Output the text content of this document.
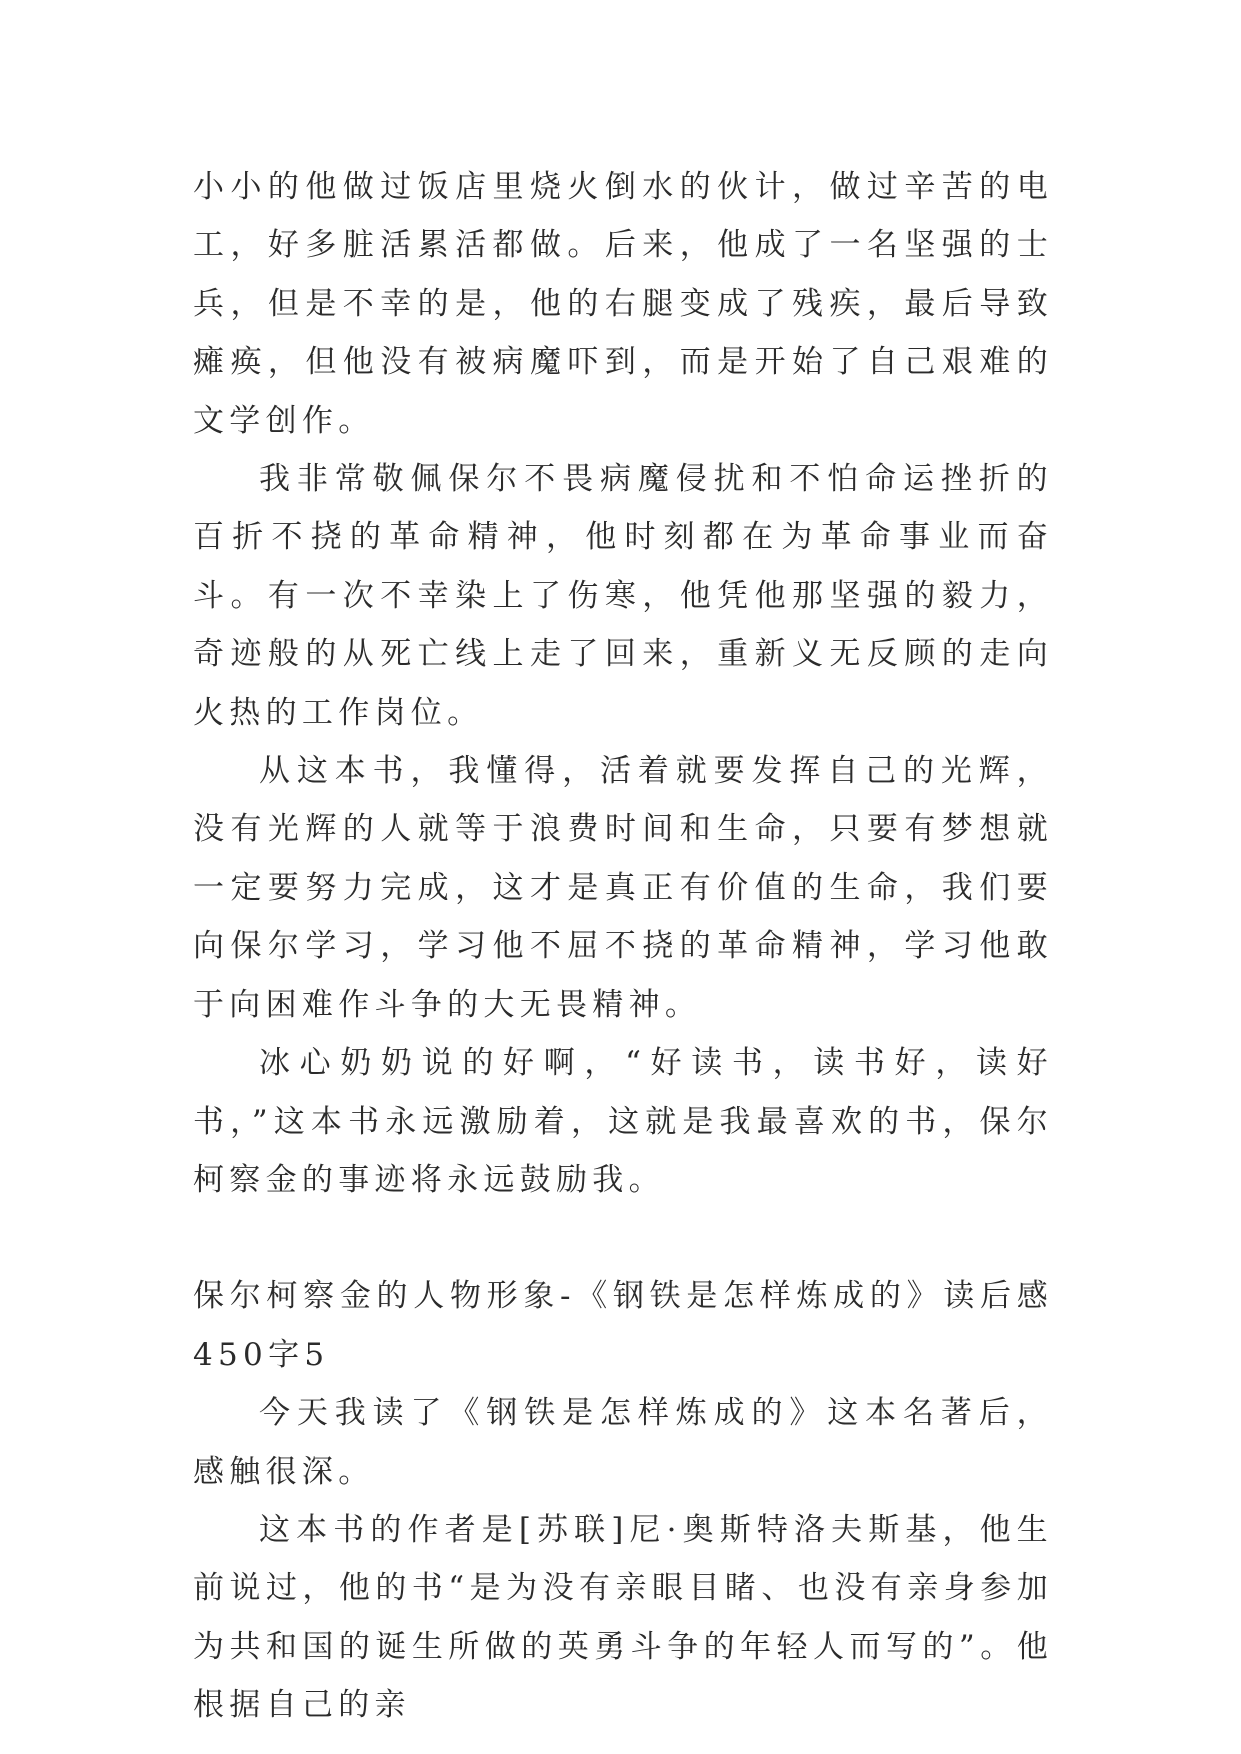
小小的他做过饭店里烧火倒水的伙计，做过辛苦的电工，好多脏活累活都做。后来，他成了一名坚强的士兵，但是不幸的是，他的右腿变成了残疾，最后导致瘫痪，但他没有被病魔吓到，而是开始了自己艰难的文学创作。

我非常敬佩保尔不畏病魔侵扰和不怕命运挫折的百折不挠的革命精神，他时刻都在为革命事业而奋斗。有一次不幸染上了伤寒，他凭他那坚强的毅力，奇迹般的从死亡线上走了回来，重新义无反顾的走向火热的工作岗位。

从这本书，我懂得，活着就要发挥自己的光辉，没有光辉的人就等于浪费时间和生命，只要有梦想就一定要努力完成，这才是真正有价值的生命，我们要向保尔学习，学习他不屈不挠的革命精神，学习他敢于向困难作斗争的大无畏精神。

冰心奶奶说的好啊，“好读书，读书好，读好书，”这本书永远激励着，这就是我最喜欢的书，保尔柯察金的事迹将永远鼓励我。

保尔柯察金的人物形象-《钢铁是怎样炼成的》读后感450字5

今天我读了《钢铁是怎样炼成的》这本名著后，感触很深。

这本书的作者是[苏联]尼·奥斯特洛夫斯基，他生前说过，他的书“是为没有亲眼目睹、也没有亲身参加为共和国的诞生所做的英勇斗争的年轻人而写的”。他根据自己的亲
